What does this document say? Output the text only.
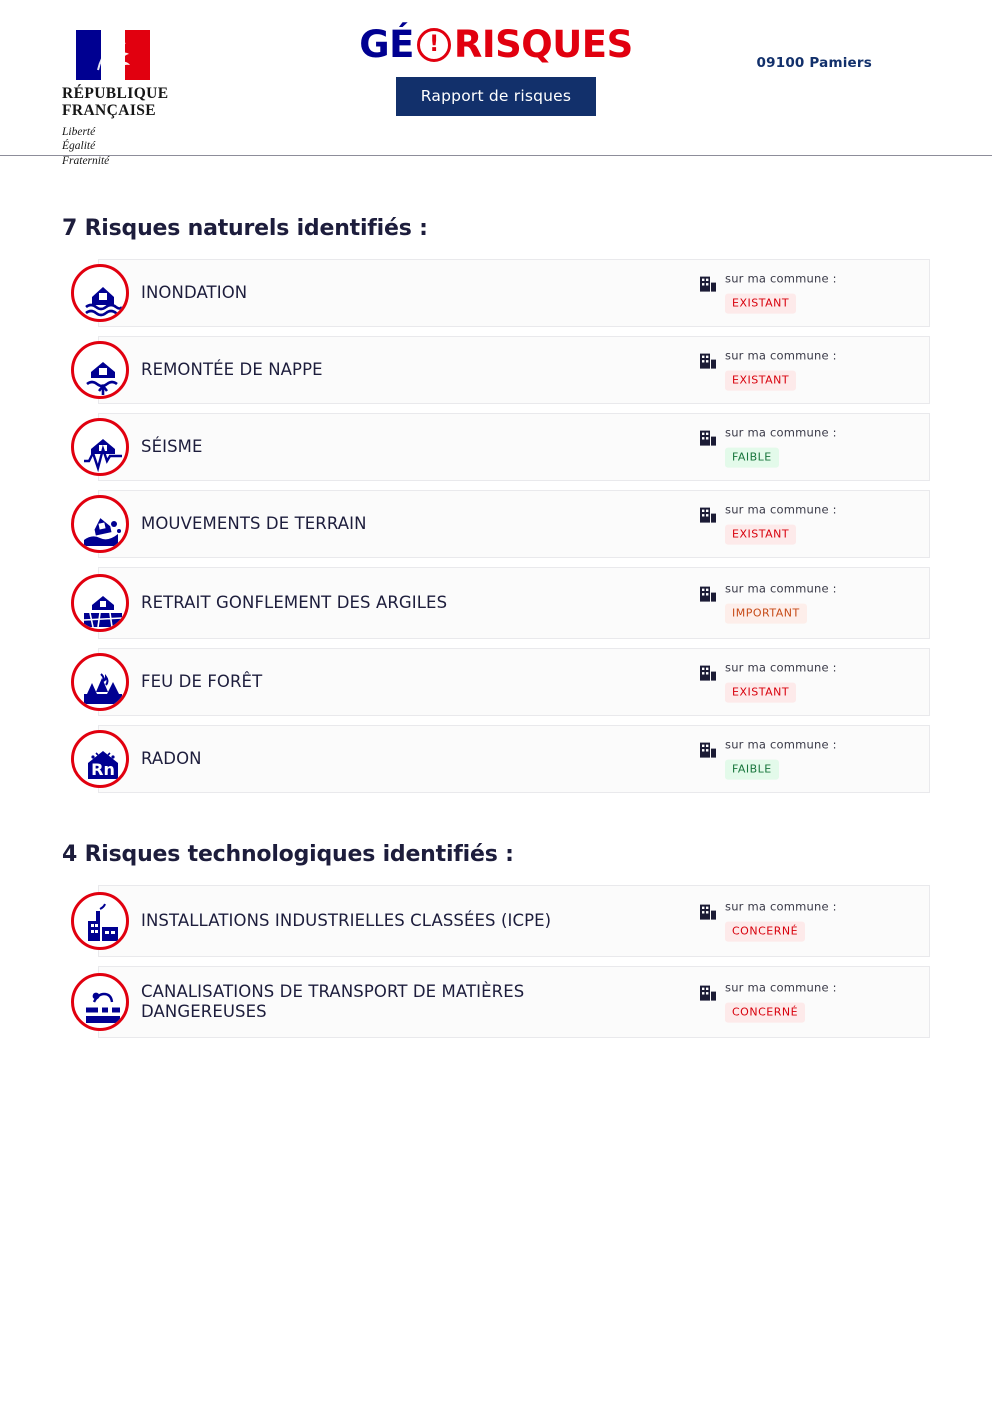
RÉPUBLIQUE
FRANÇAISE
Liberté
Égalité
Fraternité
GÉ ! RISQUES
Rapport de risques
09100 Pamiers
7 Risques naturels identifiés :
INONDATION
sur ma commune :
EXISTANT
REMONTÉE DE NAPPE
sur ma commune :
EXISTANT
SÉISME
sur ma commune :
FAIBLE
MOUVEMENTS DE TERRAIN
sur ma commune :
EXISTANT
RETRAIT GONFLEMENT DES ARGILES
sur ma commune :
IMPORTANT
FEU DE FORÊT
sur ma commune :
EXISTANT
Rn
RADON
sur ma commune :
FAIBLE
4 Risques technologiques identifiés :
INSTALLATIONS INDUSTRIELLES CLASSÉES (ICPE)
sur ma commune :
CONCERNÉ
CANALISATIONS DE TRANSPORT DE MATIÈRES DANGEREUSES
sur ma commune :
CONCERNÉ
